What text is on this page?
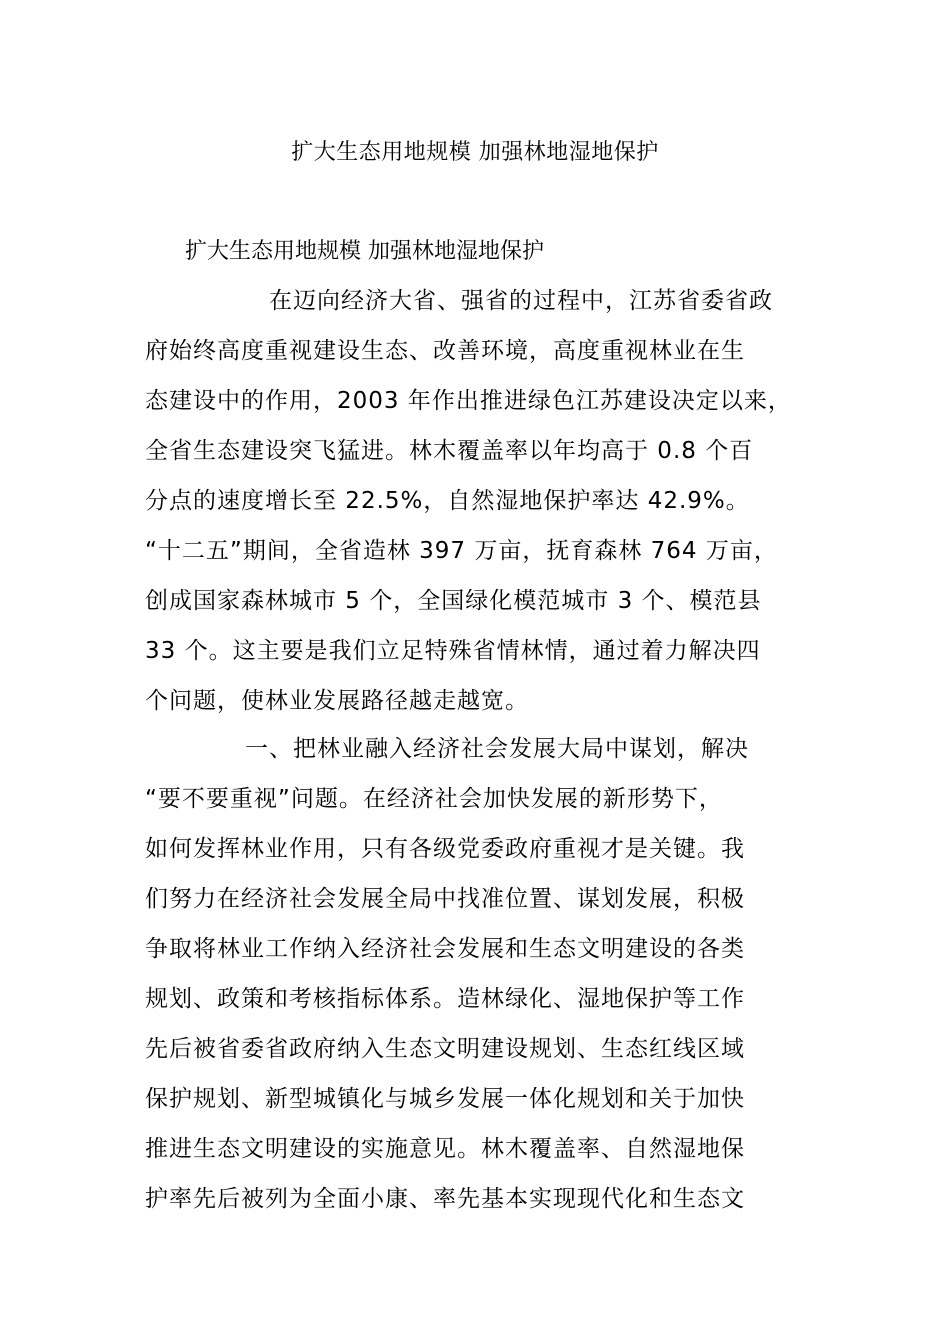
扩大生态用地规模 加强林地湿地保护
扩大生态用地规模 加强林地湿地保护
在迈向经济大省、强省的过程中，江苏省委省政
府始终高度重视建设生态、改善环境，高度重视林业在生
态建设中的作用，2003 年作出推进绿色江苏建设决定以来，
全省生态建设突飞猛进。林木覆盖率以年均高于 0.8 个百
分点的速度增长至 22.5%，自然湿地保护率达 42.9%。
“十二五”期间，全省造林 397 万亩，抚育森林 764 万亩，
创成国家森林城市 5 个，全国绿化模范城市 3 个、模范县
33 个。这主要是我们立足特殊省情林情，通过着力解决四
个问题，使林业发展路径越走越宽。
一、把林业融入经济社会发展大局中谋划，解决
“要不要重视”问题。在经济社会加快发展的新形势下，
如何发挥林业作用，只有各级党委政府重视才是关键。我
们努力在经济社会发展全局中找准位置、谋划发展，积极
争取将林业工作纳入经济社会发展和生态文明建设的各类
规划、政策和考核指标体系。造林绿化、湿地保护等工作
先后被省委省政府纳入生态文明建设规划、生态红线区域
保护规划、新型城镇化与城乡发展一体化规划和关于加快
推进生态文明建设的实施意见。林木覆盖率、自然湿地保
护率先后被列为全面小康、率先基本实现现代化和生态文
